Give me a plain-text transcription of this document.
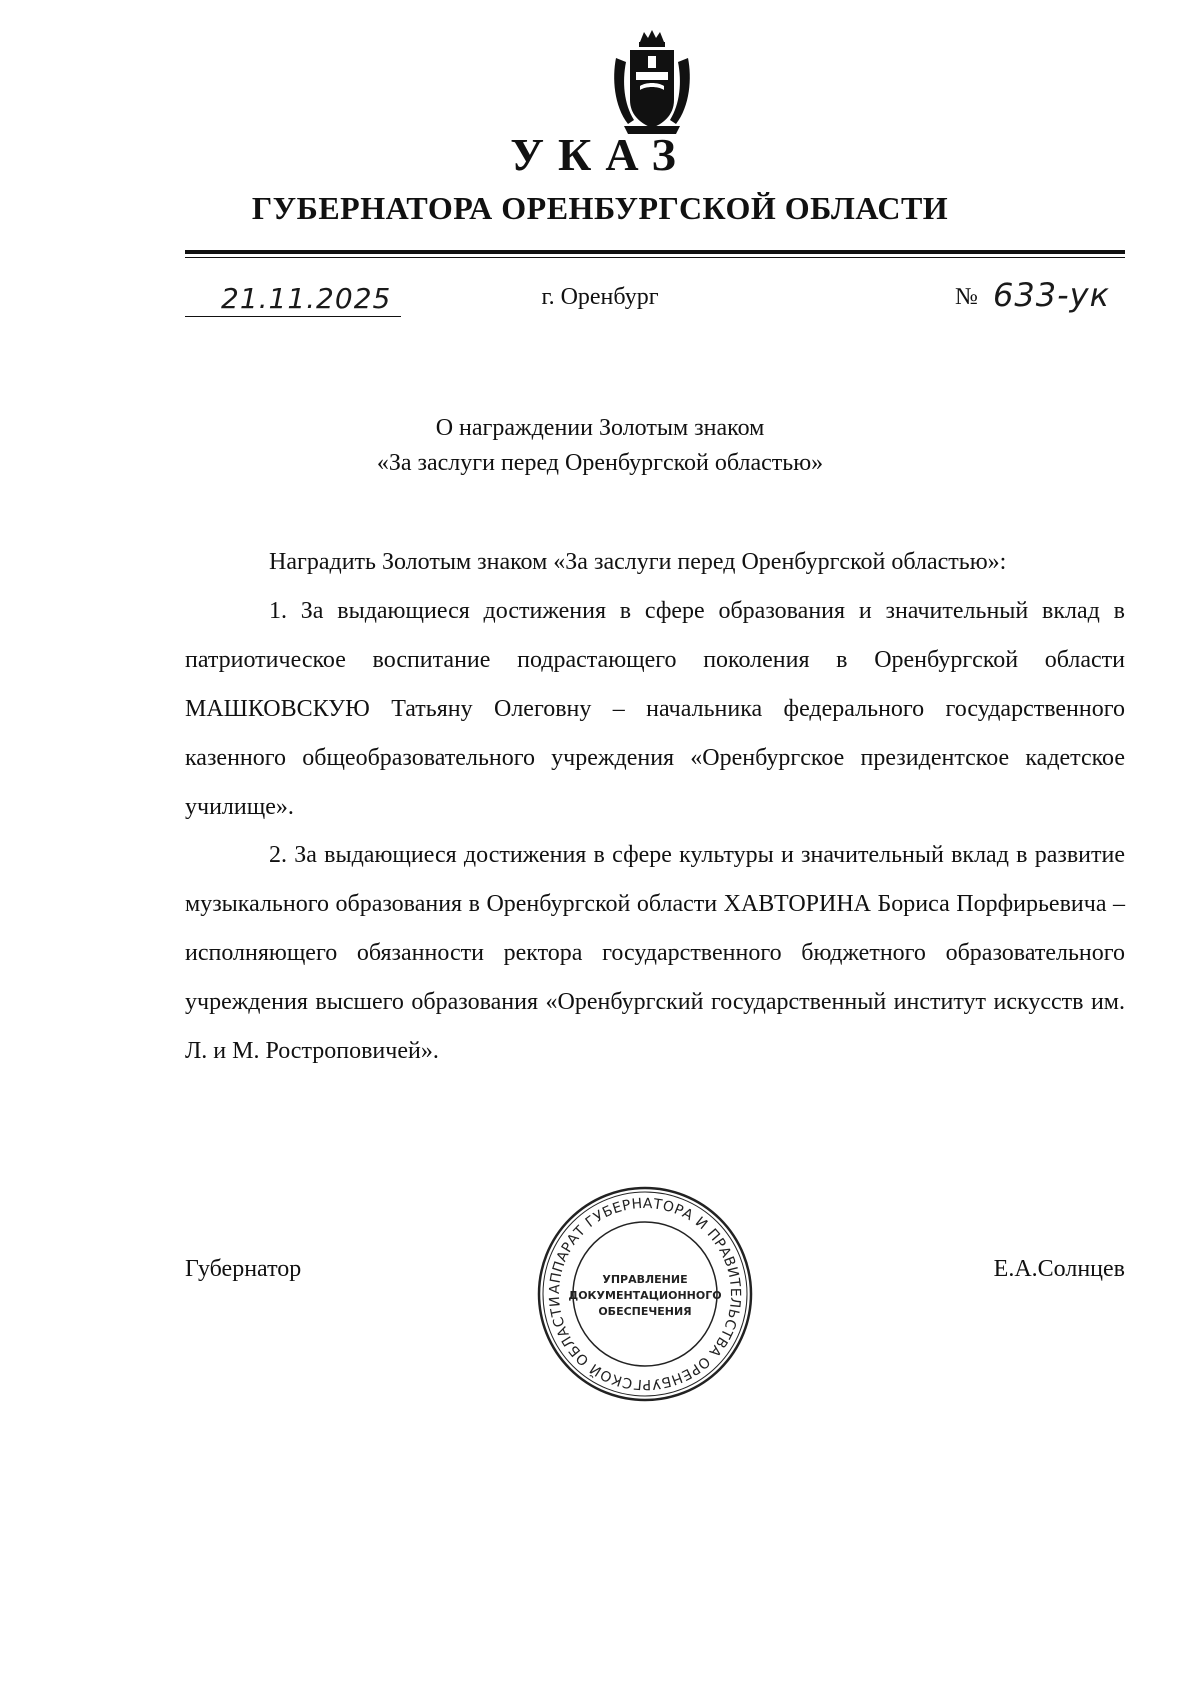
УКАЗ
ГУБЕРНАТОРА ОРЕНБУРГСКОЙ ОБЛАСТИ
21.11.2025	г. Оренбург	№ 633-ук
О награждении Золотым знаком
«За заслуги перед Оренбургской областью»

Наградить Золотым знаком «За заслуги перед Оренбургской областью»:

1. За выдающиеся достижения в сфере образования и значительный вклад в патриотическое воспитание подрастающего поколения в Оренбургской области МАШКОВСКУЮ Татьяну Олеговну – начальника федерального государственного казенного общеобразовательного учреждения «Оренбургское президентское кадетское училище».

2. За выдающиеся достижения в сфере культуры и значительный вклад в развитие музыкального образования в Оренбургской области ХАВТОРИНА Бориса Порфирьевича – исполняющего обязанности ректора государственного бюджетного образовательного учреждения высшего образования «Оренбургский государственный институт искусств им. Л. и М. Ростроповичей».

Губернатор	Е.А.Солнцев
АППАРАТ ГУБЕРНАТОРА И ПРАВИТЕЛЬСТВА ОРЕНБУРГСКОЙ ОБЛАСТИ
УПРАВЛЕНИЕ
ДОКУМЕНТАЦИОННОГО
ОБЕСПЕЧЕНИЯ
